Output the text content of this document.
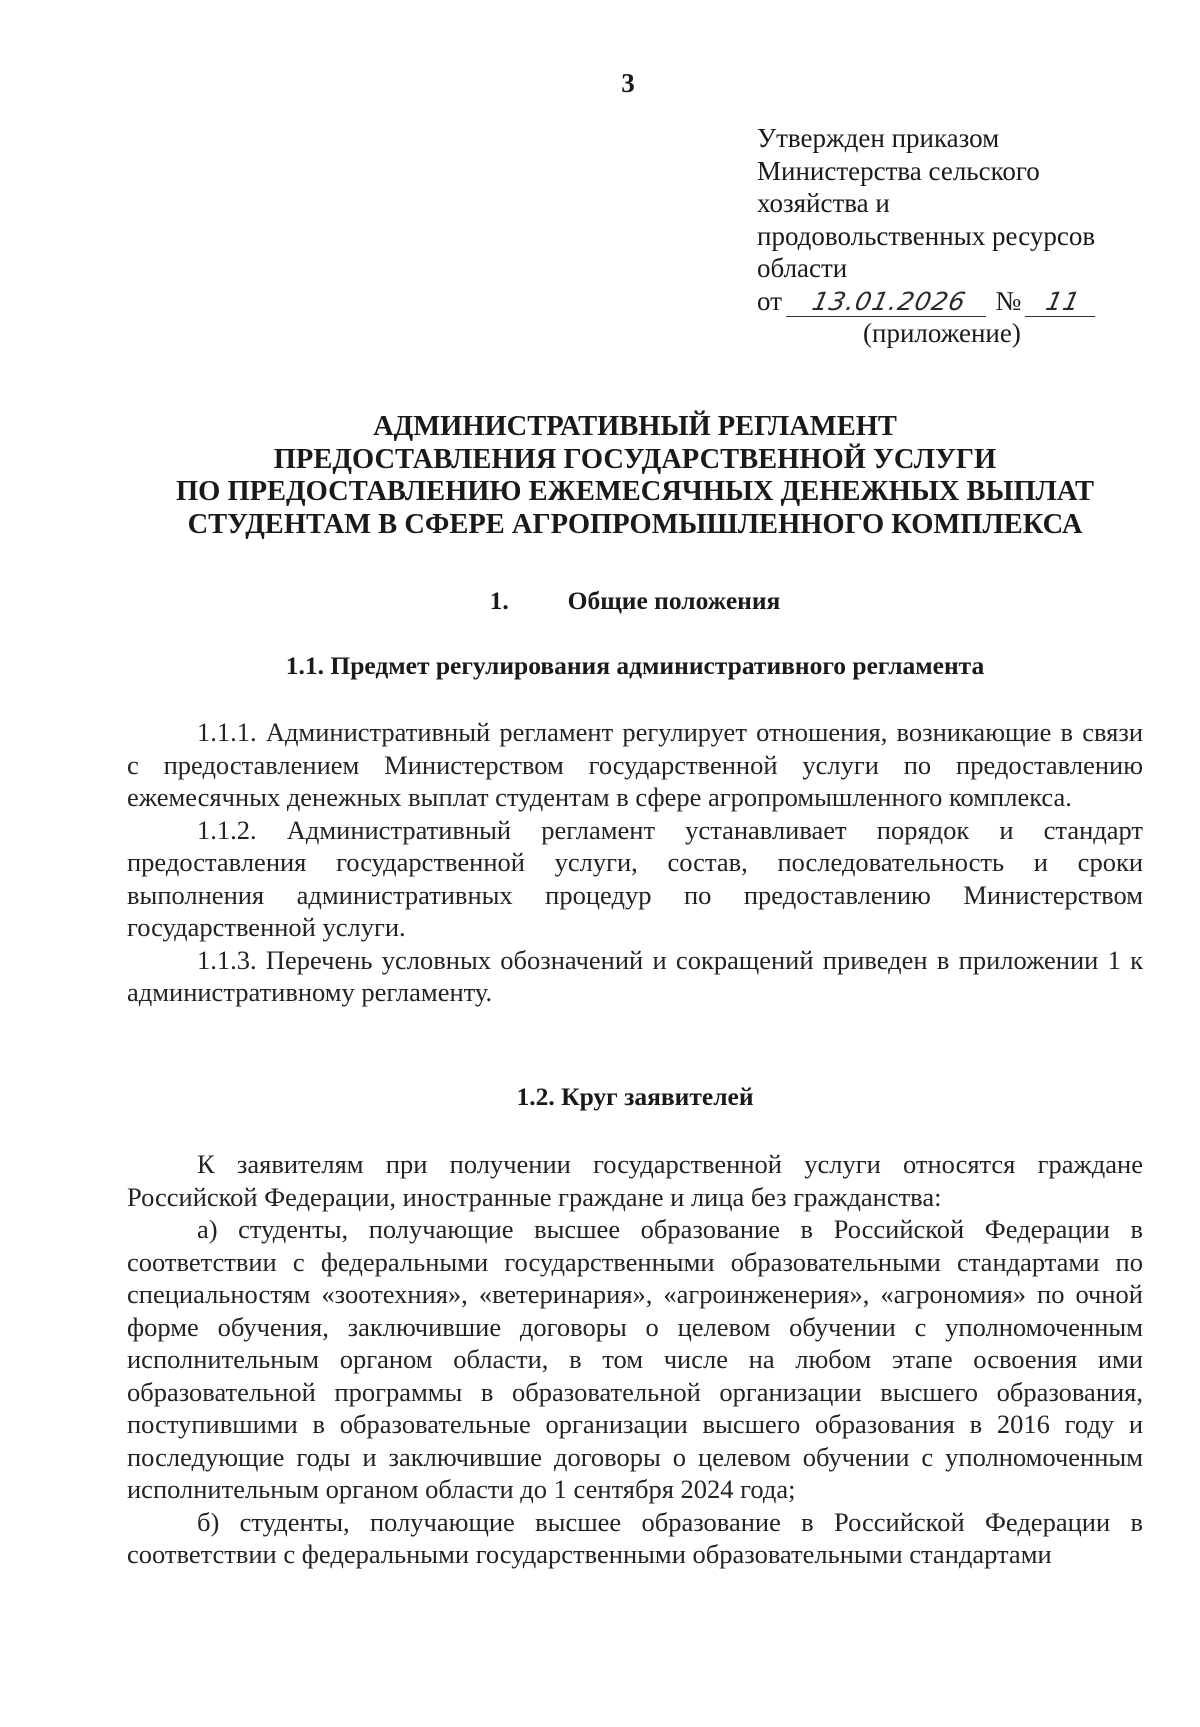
3
Утвержден приказом
Министерства сельского
хозяйства и
продовольственных ресурсов
области
от 13.01.2026 № 11
(приложение)
АДМИНИСТРАТИВНЫЙ РЕГЛАМЕНТ
ПРЕДОСТАВЛЕНИЯ ГОСУДАРСТВЕННОЙ УСЛУГИ
ПО ПРЕДОСТАВЛЕНИЮ ЕЖЕМЕСЯЧНЫХ ДЕНЕЖНЫХ ВЫПЛАТ
СТУДЕНТАМ В СФЕРЕ АГРОПРОМЫШЛЕННОГО КОМПЛЕКСА
1. Общие положения
1.1. Предмет регулирования административного регламента

1.1.1. Административный регламент регулирует отношения, возникающие в связи с предоставлением Министерством государственной услуги по предоставлению ежемесячных денежных выплат студентам в сфере агропромышленного комплекса.

1.1.2. Административный регламент устанавливает порядок и стандарт предоставления государственной услуги, состав, последовательность и сроки выполнения административных процедур по предоставлению Министерством государственной услуги.

1.1.3. Перечень условных обозначений и сокращений приведен в приложении 1 к административному регламенту.

1.2. Круг заявителей

К заявителям при получении государственной услуги относятся граждане Российской Федерации, иностранные граждане и лица без гражданства:

а) студенты, получающие высшее образование в Российской Федерации в соответствии с федеральными государственными образовательными стандартами по специальностям «зоотехния», «ветеринария», «агроинженерия», «агрономия» по очной форме обучения, заключившие договоры о целевом обучении с уполномоченным исполнительным органом области, в том числе на любом этапе освоения ими образовательной программы в образовательной организации высшего образования, поступившими в образовательные организации высшего образования в 2016 году и последующие годы и заключившие договоры о целевом обучении с уполномоченным исполнительным органом области до 1 сентября 2024 года;

б) студенты, получающие высшее образование в Российской Федерации в соответствии с федеральными государственными образовательными стандартами
